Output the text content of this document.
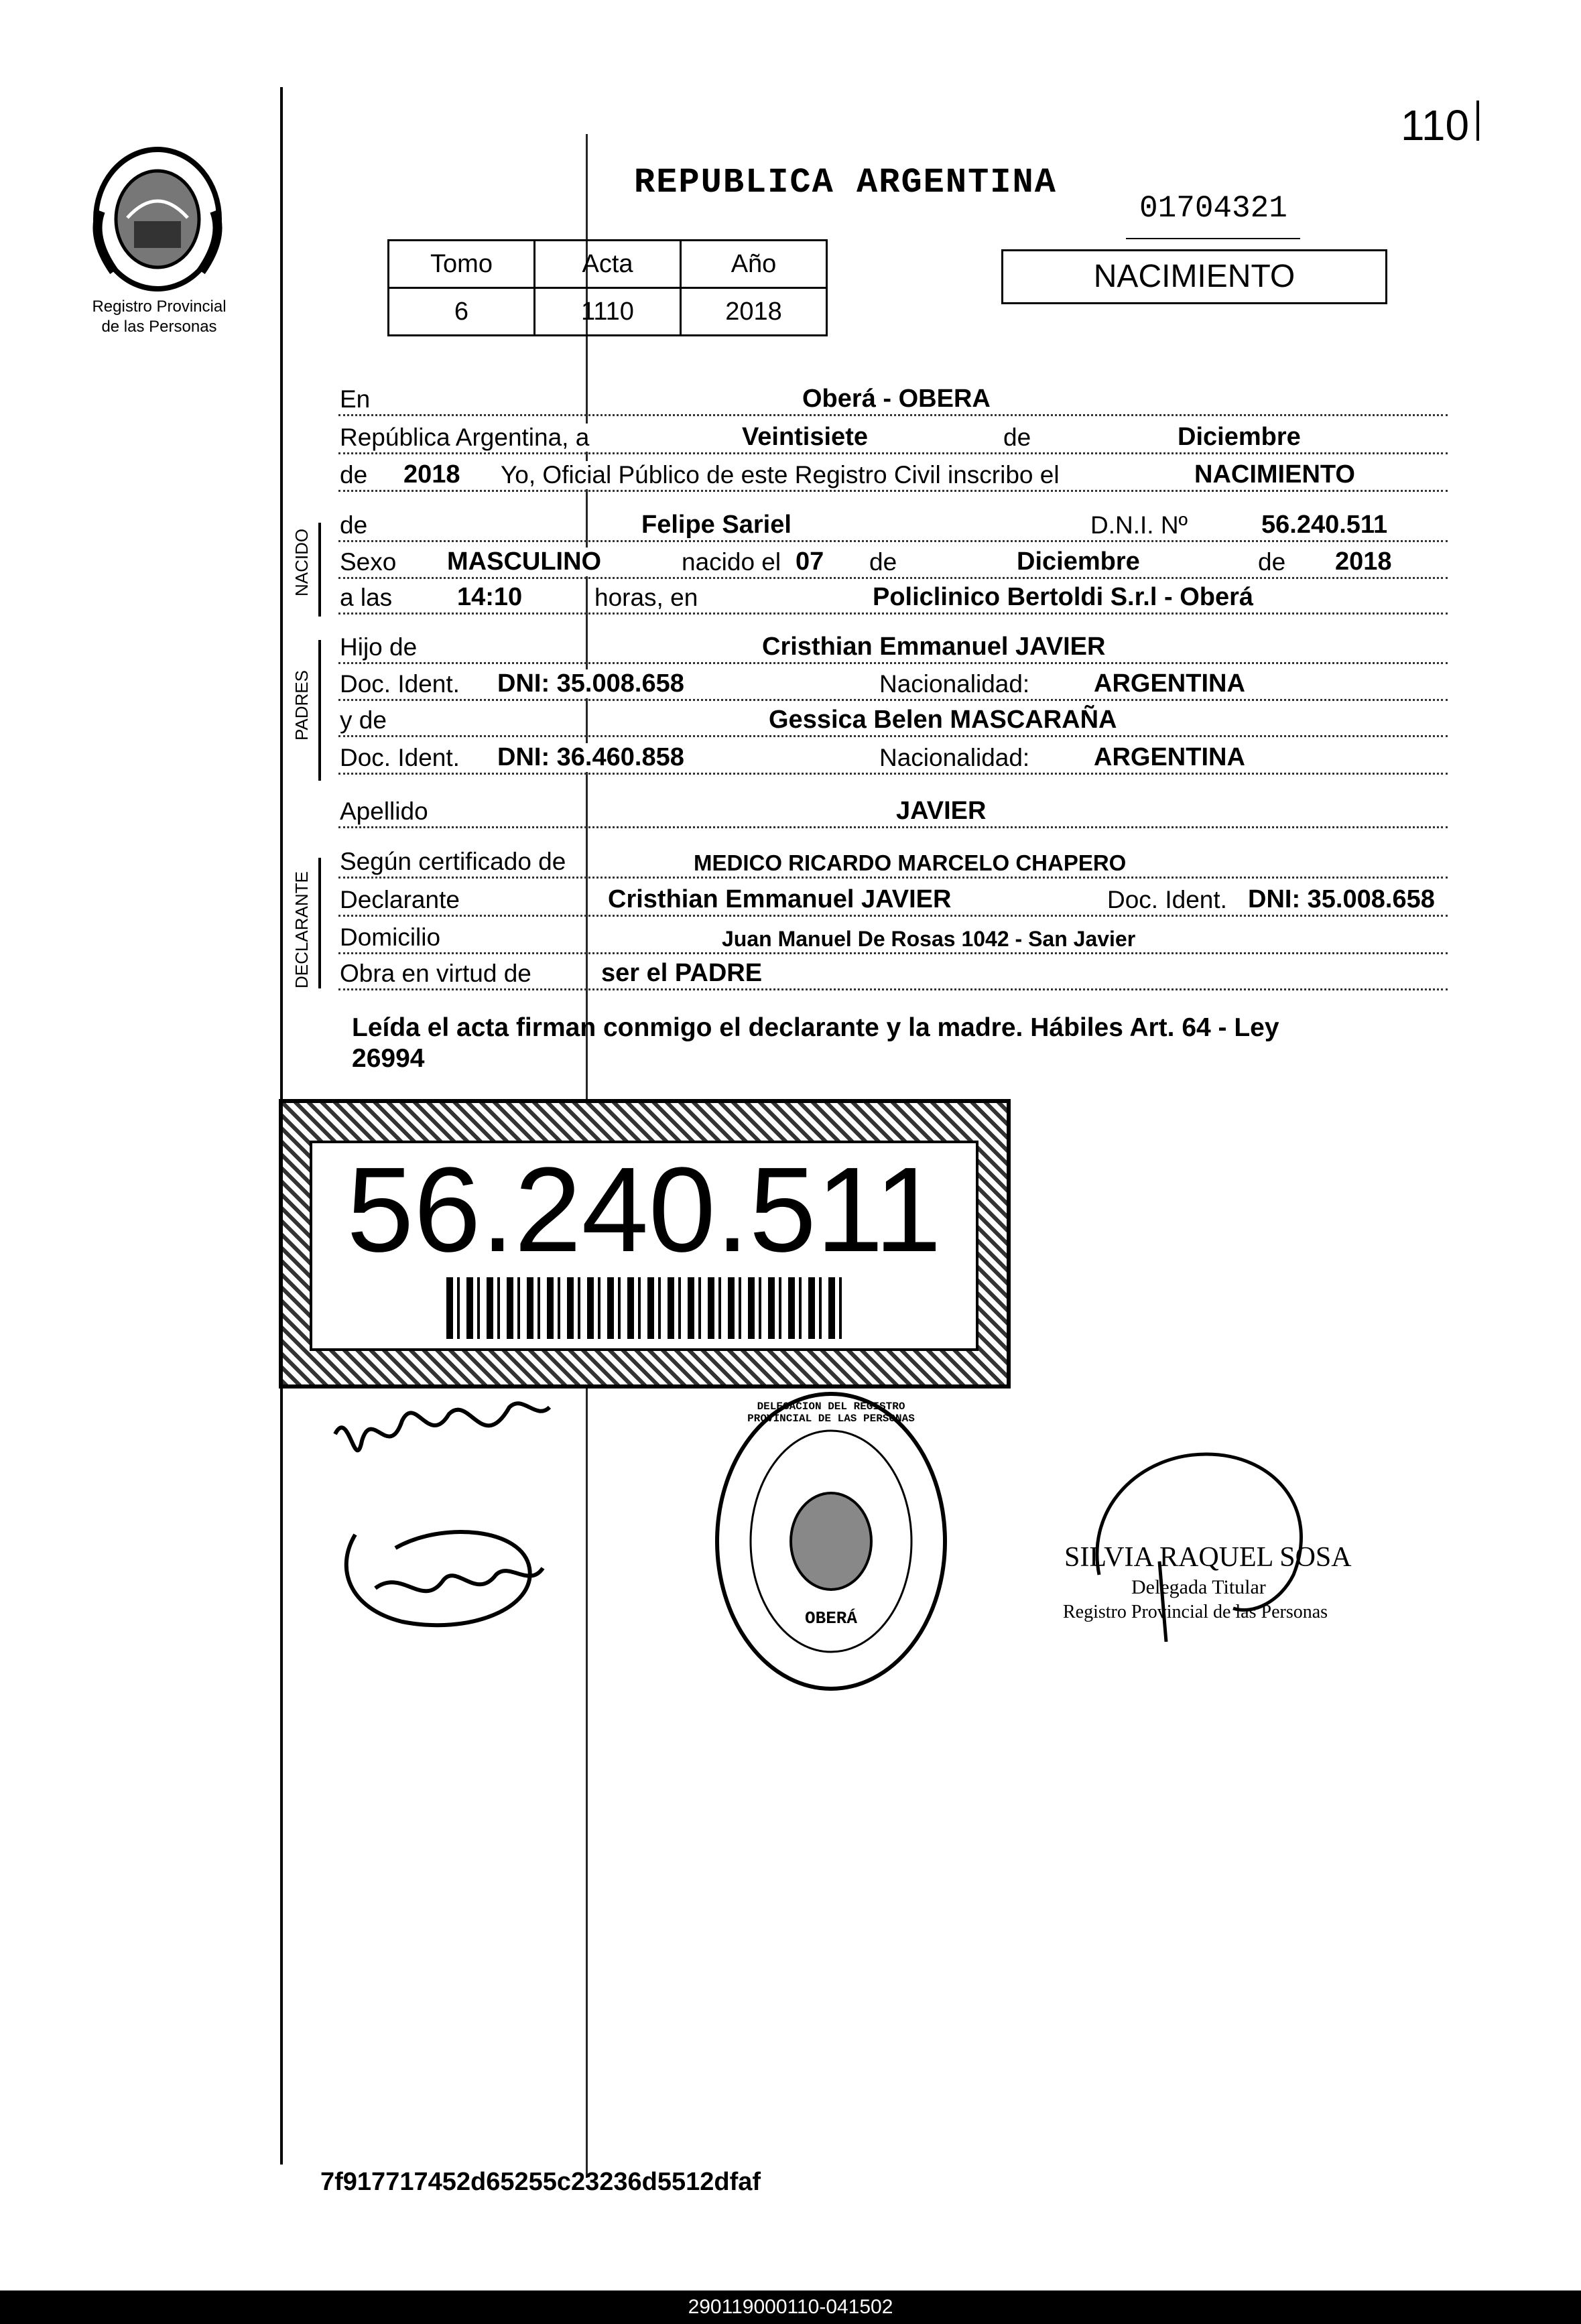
Registro Provincial
de las Personas
REPUBLICA ARGENTINA
01704321
110
Tomo	Acta	Año
6	1110	2018
NACIMIENTO
En	Oberá - OBERA
República Argentina, a	Veintisiete	de	Diciembre
de 2018 Yo, Oficial Público de este Registro Civil inscribo el	NACIMIENTO
NACIDO
de	Felipe Sariel	D.N.I. Nº	56.240.511
Sexo MASCULINO	nacido el 07 de	Diciembre	de 2018
a las	14:10	horas, en	Policlinico Bertoldi S.r.l - Oberá
PADRES
Hijo de	Cristhian Emmanuel JAVIER
Doc. Ident. DNI: 35.008.658	Nacionalidad:	ARGENTINA
y de	Gessica Belen MASCARAÑA
Doc. Ident. DNI: 36.460.858	Nacionalidad:	ARGENTINA
Apellido	JAVIER
DECLARANTE
Según certificado de	MEDICO RICARDO MARCELO CHAPERO
Declarante	Cristhian Emmanuel JAVIER	Doc. Ident. DNI: 35.008.658
Domicilio	Juan Manuel De Rosas 1042 - San Javier
Obra en virtud de	ser el PADRE
Leída el acta firman conmigo el declarante y la madre. Hábiles Art. 64 - Ley
26994
56.240.511
DELEGACION DEL REGISTRO PROVINCIAL DE LAS PERSONAS
OBERÁ
SILVIA RAQUEL SOSA
Delegada Titular
Registro Provincial de las Personas
7f917717452d65255c23236d5512dfaf
290119000110-041502
